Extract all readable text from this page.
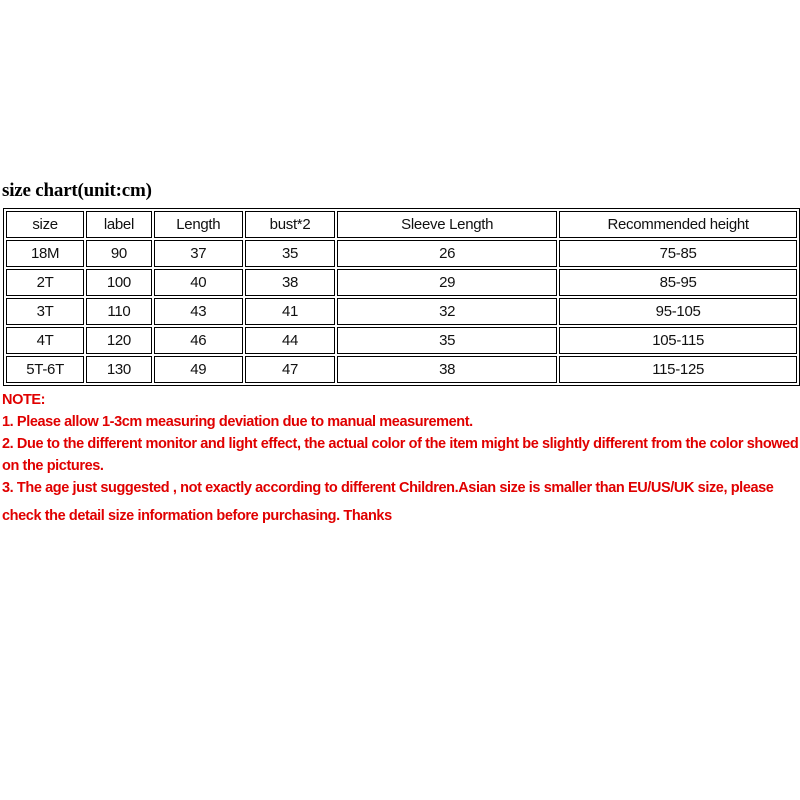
size chart(unit:cm)
size	label	Length	bust*2	Sleeve Length	Recommended height
18M	90	37	35	26	75-85
2T	100	40	38	29	85-95
3T	110	43	41	32	95-105
4T	120	46	44	35	105-115
5T-6T	130	49	47	38	115-125
NOTE:
1. Please allow 1-3cm measuring deviation due to manual measurement.
2. Due to the different monitor and light effect, the actual color of the item might be slightly different from the color showed
on the pictures.
3. The age just suggested , not exactly according to different Children.Asian size is smaller than EU/US/UK size, please
check the detail size information before purchasing. Thanks
